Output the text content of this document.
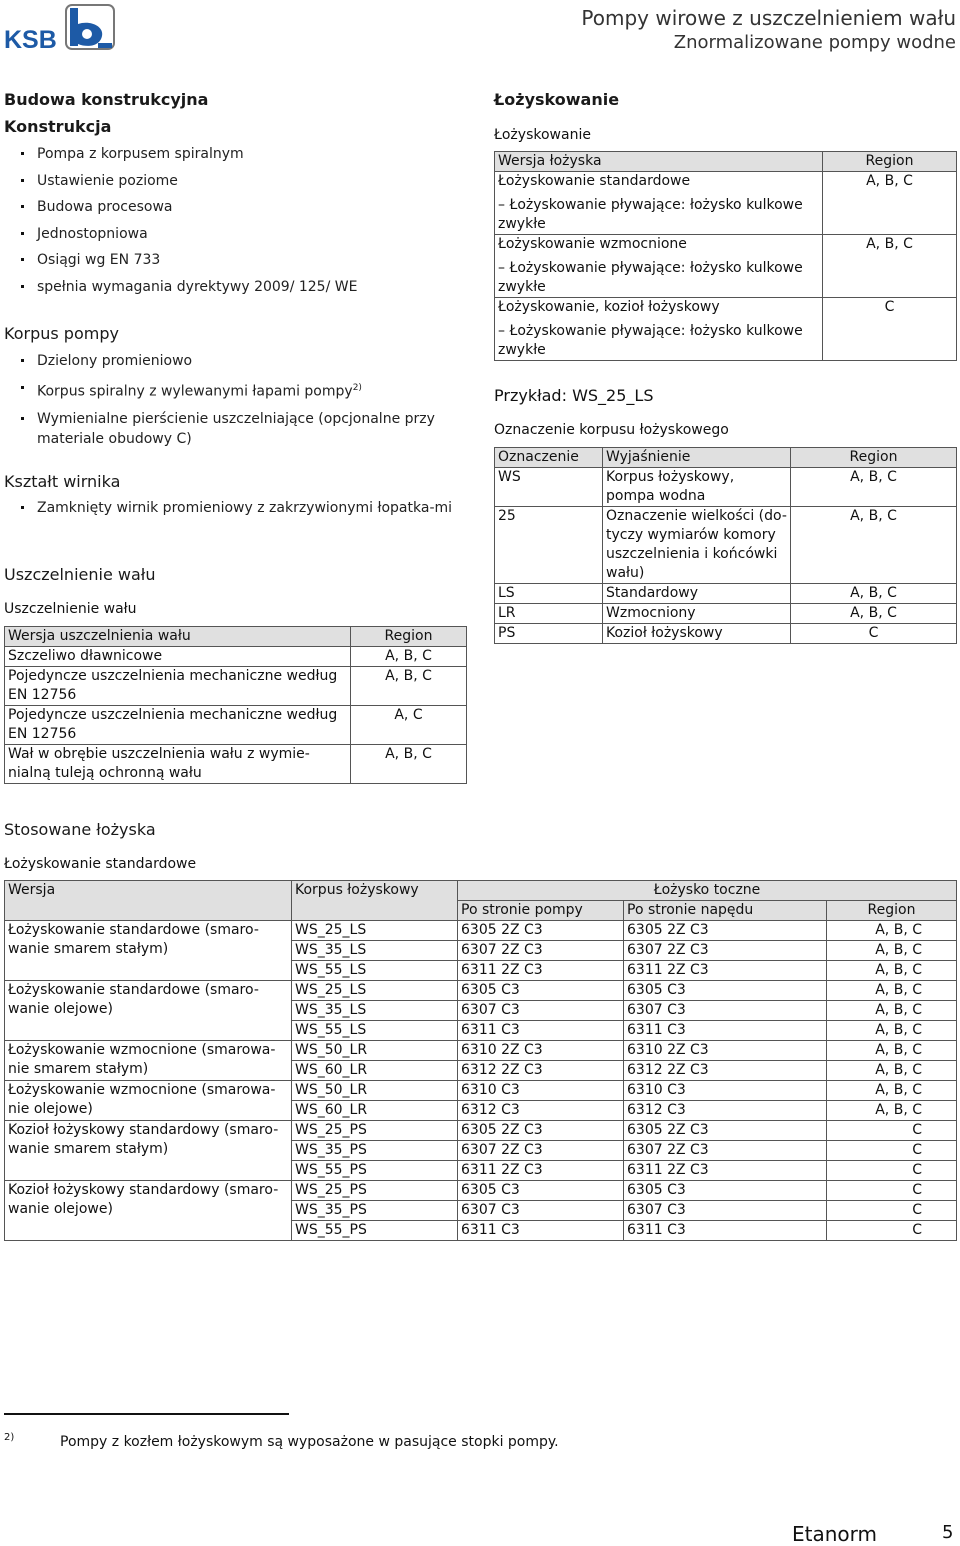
KSB
Pompy wirowe z uszczelnieniem wału
Znormalizowane pompy wodne
Budowa konstrukcyjna
Konstrukcja
Pompa z korpusem spiralnym
Ustawienie poziome
Budowa procesowa
Jednostopniowa
Osiągi wg EN 733
spełnia wymagania dyrektywy 2009/ 125/ WE
Korpus pompy
Dzielony promieniowo
Korpus spiralny z wylewanymi łapami pompy$^{2)}$
Wymienialne pierścienie uszczelniające (opcjonalne przy materiale obudowy C)
Kształt wirnika
Zamknięty wirnik promieniowy z zakrzywionymi łopatka-mi
Uszczelnienie wału
Uszczelnienie wału
Wersja uszczelnienia wału	Region
Szczeliwo dławnicowe	A, B, C
Pojedyncze uszczelnienia mechaniczne według EN 12756	A, B, C
Pojedyncze uszczelnienia mechaniczne według EN 12756	A, C
Wał w obrębie uszczelnienia wału z wymie-nialną tuleją ochronną wału	A, B, C
Łożyskowanie
Łożyskowanie
Wersja łożyska	Region
Łożyskowanie standardowe	A, B, C
– Łożyskowanie pływające: łożysko kulkowe zwykłe	
Łożyskowanie wzmocnione	A, B, C
– Łożyskowanie pływające: łożysko kulkowe zwykłe	
Łożyskowanie, kozioł łożyskowy	C
– Łożyskowanie pływające: łożysko kulkowe zwykłe	
Przykład: WS_25_LS
Oznaczenie korpusu łożyskowego
Oznaczenie	Wyjaśnienie	Region
WS	Korpus łożyskowy, pompa wodna	A, B, C
25	Oznaczenie wielkości (do-tyczy wymiarów komory uszczelnienia i końcówki wału)	A, B, C
LS	Standardowy	A, B, C
LR	Wzmocniony	A, B, C
PS	Kozioł łożyskowy	C
Stosowane łożyska
Łożyskowanie standardowe
Wersja	Korpus łożyskowy	Łożysko toczne		
		Po stronie pompy	Po stronie napędu	Region
Łożyskowanie standardowe (smaro-wanie smarem stałym)	WS_25_LS	6305 2Z C3	6305 2Z C3	A, B, C
	WS_35_LS	6307 2Z C3	6307 2Z C3	A, B, C
	WS_55_LS	6311 2Z C3	6311 2Z C3	A, B, C
Łożyskowanie standardowe (smaro-wanie olejowe)	WS_25_LS	6305 C3	6305 C3	A, B, C
	WS_35_LS	6307 C3	6307 C3	A, B, C
	WS_55_LS	6311 C3	6311 C3	A, B, C
Łożyskowanie wzmocnione (smarowa-nie smarem stałym)	WS_50_LR	6310 2Z C3	6310 2Z C3	A, B, C
	WS_60_LR	6312 2Z C3	6312 2Z C3	A, B, C
Łożyskowanie wzmocnione (smarowa-nie olejowe)	WS_50_LR	6310 C3	6310 C3	A, B, C
	WS_60_LR	6312 C3	6312 C3	A, B, C
Kozioł łożyskowy standardowy (smaro-wanie smarem stałym)	WS_25_PS	6305 2Z C3	6305 2Z C3	C
	WS_35_PS	6307 2Z C3	6307 2Z C3	C
	WS_55_PS	6311 2Z C3	6311 2Z C3	C
Kozioł łożyskowy standardowy (smaro-wanie olejowe)	WS_25_PS	6305 C3	6305 C3	C
	WS_35_PS	6307 C3	6307 C3	C
	WS_55_PS	6311 C3	6311 C3	C
2)	Pompy z kozłem łożyskowym są wyposażone w pasujące stopki pompy.
Etanorm	5
